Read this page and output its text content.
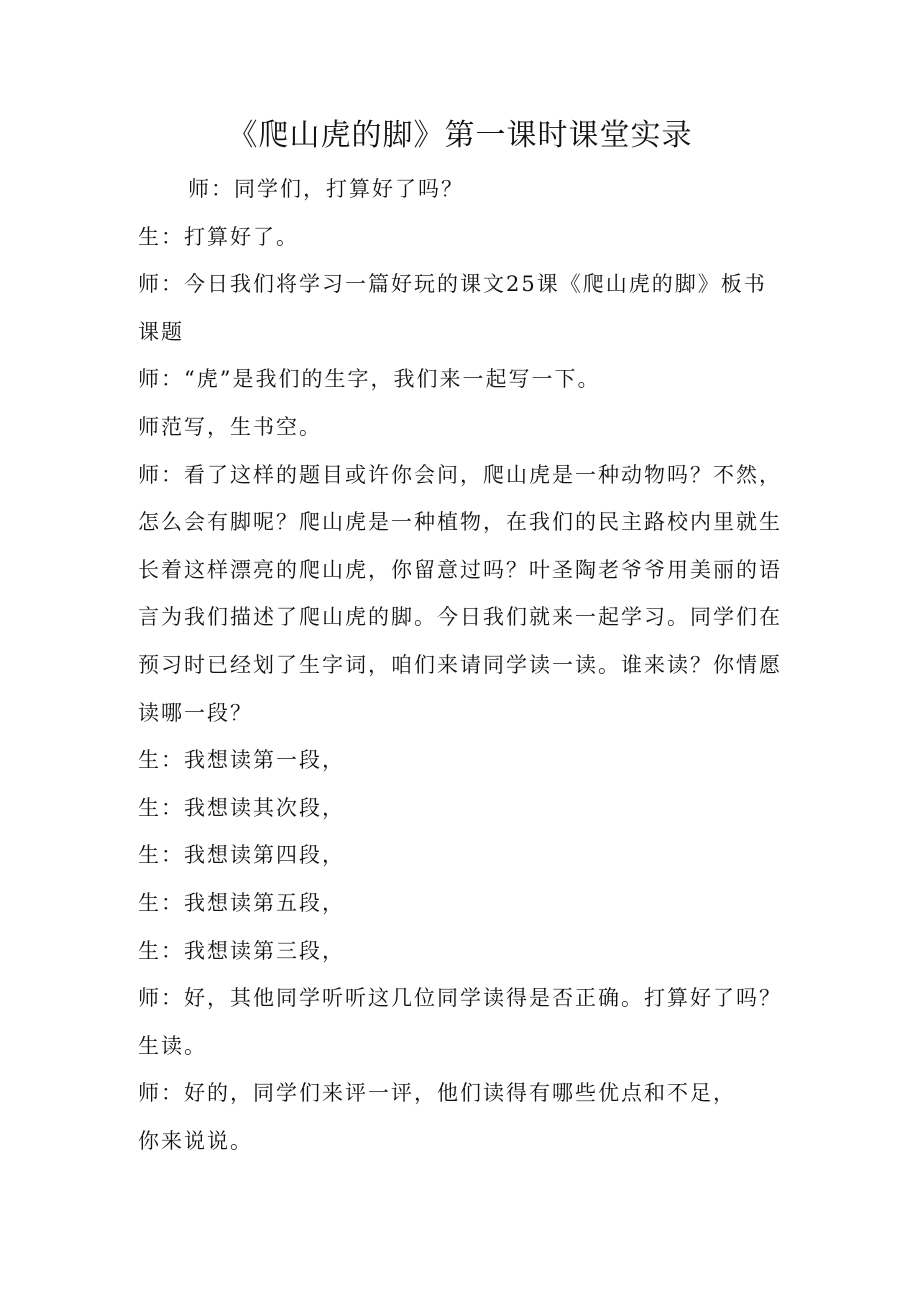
《爬山虎的脚》第一课时课堂实录
师：同学们，打算好了吗？
生：打算好了。
师：今日我们将学习一篇好玩的课文25课《爬山虎的脚》板书
课题
师：“虎”是我们的生字，我们来一起写一下。
师范写，生书空。
师：看了这样的题目或许你会问，爬山虎是一种动物吗？不然，
怎么会有脚呢？爬山虎是一种植物，在我们的民主路校内里就生
长着这样漂亮的爬山虎，你留意过吗？叶圣陶老爷爷用美丽的语
言为我们描述了爬山虎的脚。今日我们就来一起学习。同学们在
预习时已经划了生字词，咱们来请同学读一读。谁来读？你情愿
读哪一段？
生：我想读第一段，
生：我想读其次段，
生：我想读第四段，
生：我想读第五段，
生：我想读第三段，
师：好，其他同学听听这几位同学读得是否正确。打算好了吗？
生读。
师：好的，同学们来评一评，他们读得有哪些优点和不足，
你来说说。
